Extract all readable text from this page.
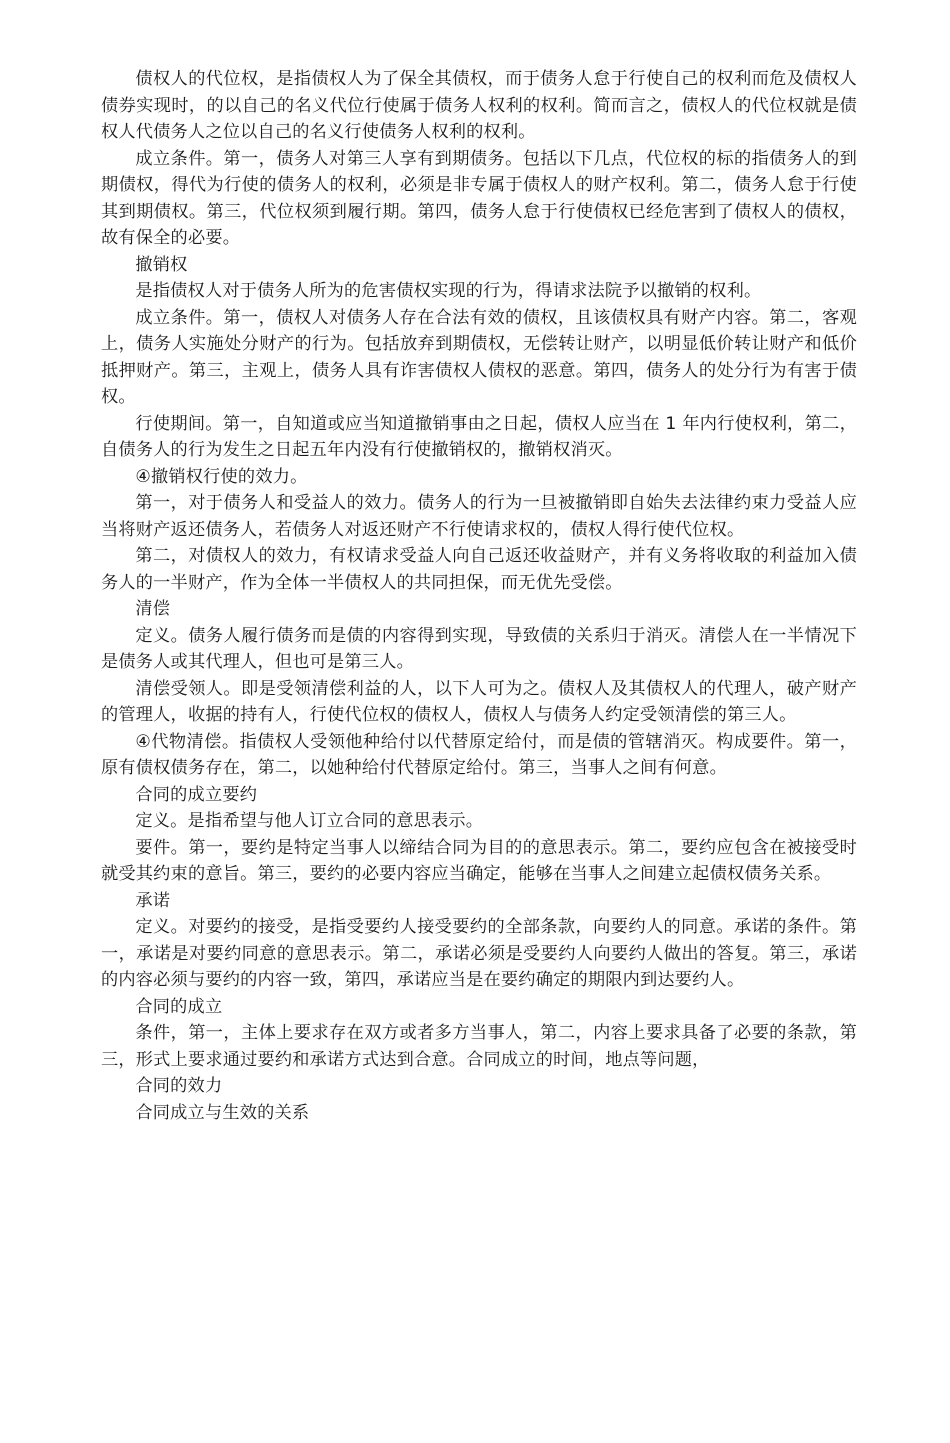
债权人的代位权，是指债权人为了保全其债权，而于债务人怠于行使自己的权利而危及债权人债券实现时，的以自己的名义代位行使属于债务人权利的权利。简而言之，债权人的代位权就是债权人代债务人之位以自己的名义行使债务人权利的权利。

成立条件。第一，债务人对第三人享有到期债务。包括以下几点，代位权的标的指债务人的到期债权，得代为行使的债务人的权利，必须是非专属于债权人的财产权利。第二，债务人怠于行使其到期债权。第三，代位权须到履行期。第四，债务人怠于行使债权已经危害到了债权人的债权，故有保全的必要。

撤销权

是指债权人对于债务人所为的危害债权实现的行为，得请求法院予以撤销的权利。

成立条件。第一，债权人对债务人存在合法有效的债权，且该债权具有财产内容。第二，客观上，债务人实施处分财产的行为。包括放弃到期债权，无偿转让财产，以明显低价转让财产和低价抵押财产。第三，主观上，债务人具有诈害债权人债权的恶意。第四，债务人的处分行为有害于债权。

行使期间。第一，自知道或应当知道撤销事由之日起，债权人应当在 1 年内行使权利，第二，自债务人的行为发生之日起五年内没有行使撤销权的，撤销权消灭。

④撤销权行使的效力。

第一，对于债务人和受益人的效力。债务人的行为一旦被撤销即自始失去法律约束力受益人应当将财产返还债务人，若债务人对返还财产不行使请求权的，债权人得行使代位权。

第二，对债权人的效力，有权请求受益人向自己返还收益财产，并有义务将收取的利益加入债务人的一半财产，作为全体一半债权人的共同担保，而无优先受偿。

清偿

定义。债务人履行债务而是债的内容得到实现，导致债的关系归于消灭。清偿人在一半情况下是债务人或其代理人，但也可是第三人。

清偿受领人。即是受领清偿利益的人，以下人可为之。债权人及其债权人的代理人，破产财产的管理人，收据的持有人，行使代位权的债权人，债权人与债务人约定受领清偿的第三人。

④代物清偿。指债权人受领他种给付以代替原定给付，而是债的管辖消灭。构成要件。第一，原有债权债务存在，第二，以她种给付代替原定给付。第三，当事人之间有何意。

合同的成立要约

定义。是指希望与他人订立合同的意思表示。

要件。第一，要约是特定当事人以缔结合同为目的的意思表示。第二，要约应包含在被接受时就受其约束的意旨。第三，要约的必要内容应当确定，能够在当事人之间建立起债权债务关系。

承诺

定义。对要约的接受，是指受要约人接受要约的全部条款，向要约人的同意。承诺的条件。第一，承诺是对要约同意的意思表示。第二，承诺必须是受要约人向要约人做出的答复。第三，承诺的内容必须与要约的内容一致，第四，承诺应当是在要约确定的期限内到达要约人。

合同的成立

条件，第一，主体上要求存在双方或者多方当事人，第二，内容上要求具备了必要的条款，第三，形式上要求通过要约和承诺方式达到合意。合同成立的时间，地点等问题，

合同的效力

合同成立与生效的关系
